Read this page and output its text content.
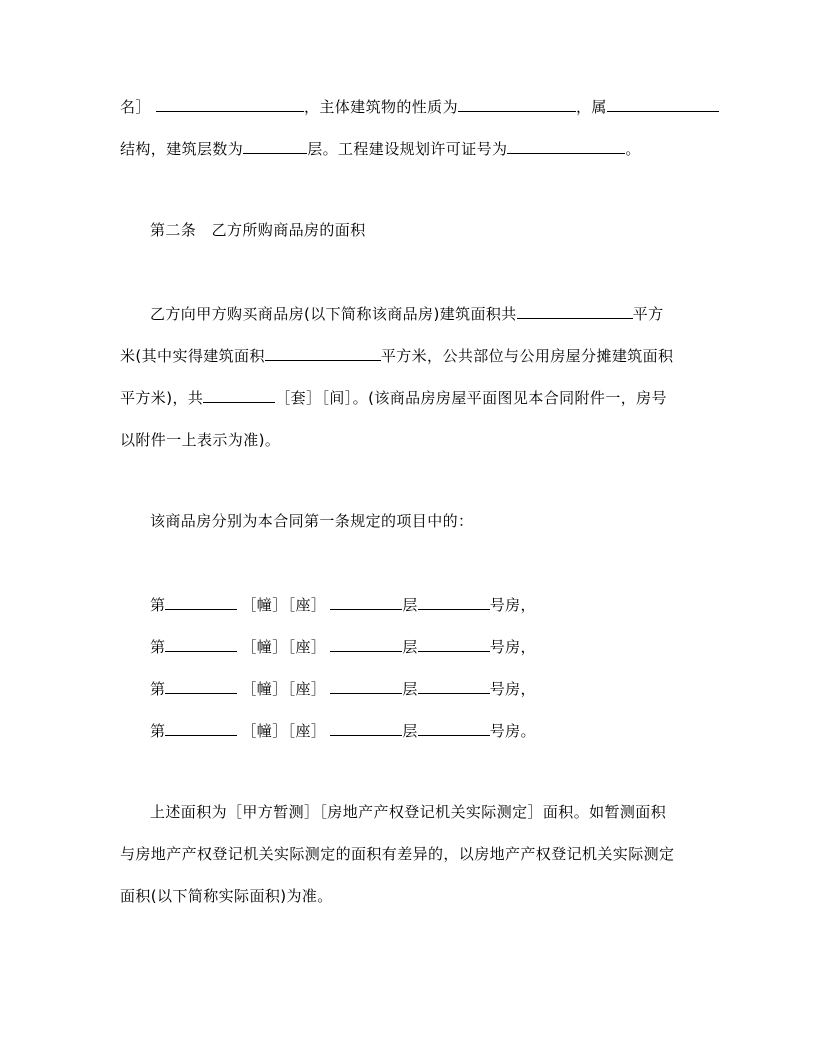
名］	，主体建筑物的性质为	，属
结构，建筑层数为	层。工程建设规划许可证号为	。
第二条　乙方所购商品房的面积
乙方向甲方购买商品房(以下简称该商品房)建筑面积共	平方
米(其中实得建筑面积	平方米，公共部位与公用房屋分摊建筑面积
平方米)，共	［套］［间］。(该商品房房屋平面图见本合同附件一，房号
以附件一上表示为准)。
该商品房分别为本合同第一条规定的项目中的：
第	［幢］［座］	层	号房，
第	［幢］［座］	层	号房，
第	［幢］［座］	层	号房，
第	［幢］［座］	层	号房。
上述面积为［甲方暂测］［房地产产权登记机关实际测定］面积。如暂测面积
与房地产产权登记机关实际测定的面积有差异的，以房地产产权登记机关实际测定
面积(以下简称实际面积)为准。
